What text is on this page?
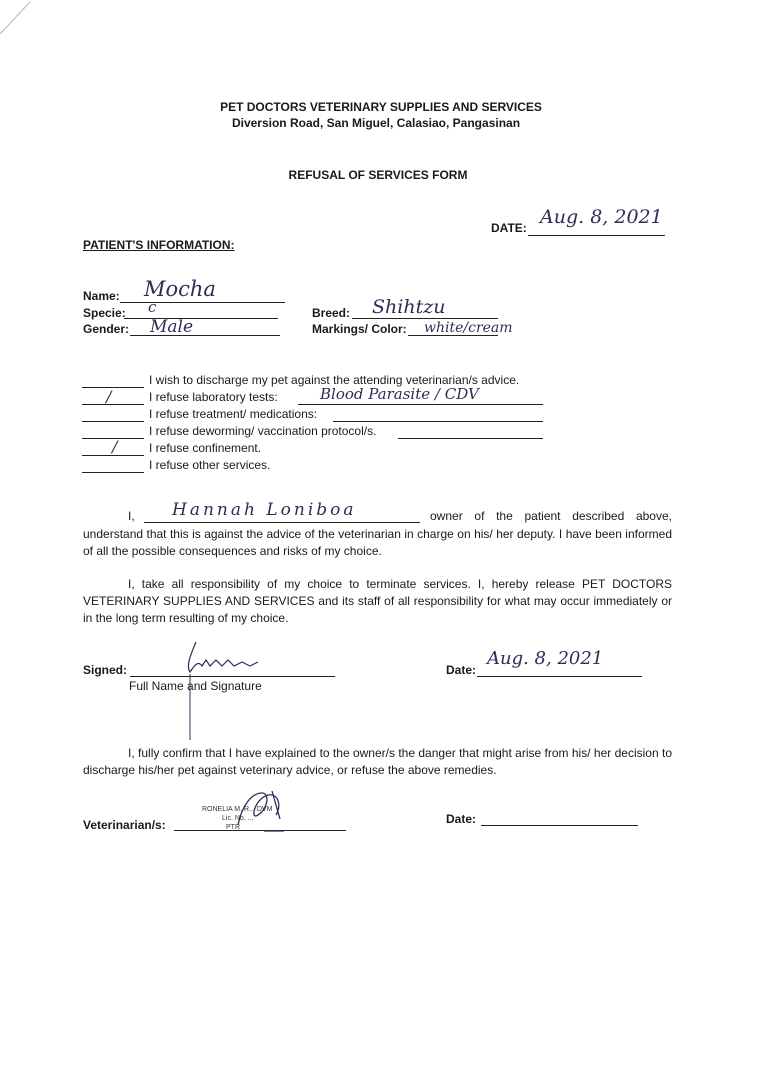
PET DOCTORS VETERINARY SUPPLIES AND SERVICES
Diversion Road, San Miguel, Calasiao, Pangasinan
REFUSAL OF SERVICES FORM
DATE: Aug. 8, 2021
PATIENT'S INFORMATION:
Name: Mocha
Specie: c
Gender: Male
Breed: Shihtzu
Markings/ Color: white/cream
I wish to discharge my pet against the attending veterinarian/s advice.
/	I refuse laboratory tests:	Blood Parasite / CDV
I refuse treatment/ medications:
I refuse deworming/ vaccination protocol/s.
/	I refuse confinement.
I refuse other services.
I, Hannah Loniboa	owner of the patient described above,
understand that this is against the advice of the veterinarian in charge on his/ her deputy. I have been informed of all the possible consequences and risks of my choice.
I, take all responsibility of my choice to terminate services. I, hereby release PET DOCTORS VETERINARY SUPPLIES AND SERVICES and its staff of all responsibility for what may occur immediately or in the long term resulting of my choice.
Signed:
Full Name and Signature
Date:
Aug. 8, 2021
I, fully confirm that I have explained to the owner/s the danger that might arise from his/ her decision to discharge his/her pet against veterinary advice, or refuse the above remedies.
Veterinarian/s:
RONELIA M. R... DVM
Lic. No. ...
PTR
Date:
